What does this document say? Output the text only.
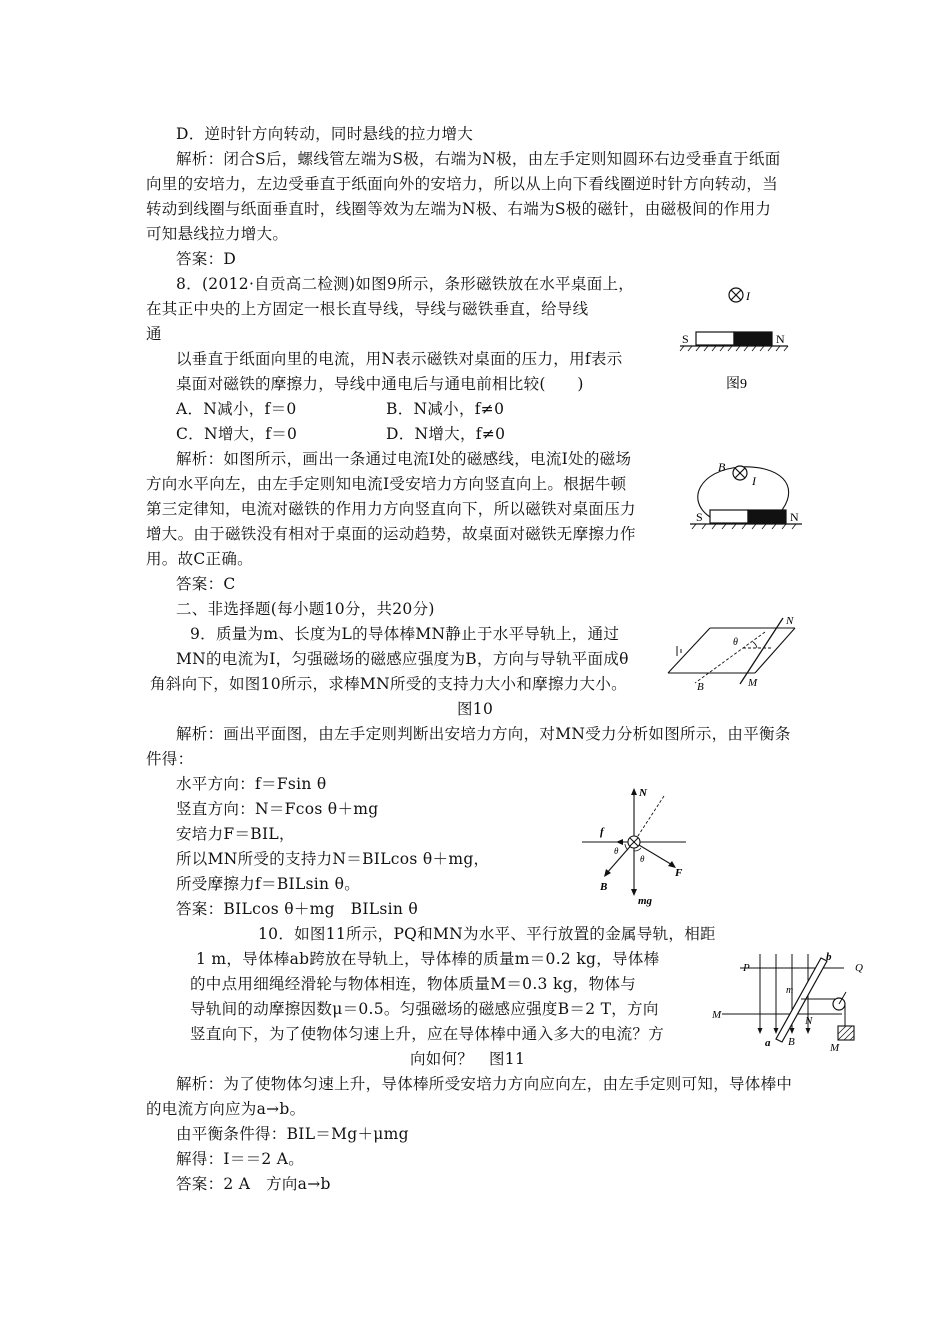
D．逆时针方向转动，同时悬线的拉力增大
解析：闭合S后，螺线管左端为S极，右端为N极，由左手定则知圆环右边受垂直于纸面
向里的安培力，左边受垂直于纸面向外的安培力，所以从上向下看线圈逆时针方向转动，当
转动到线圈与纸面垂直时，线圈等效为左端为N极、右端为S极的磁针，由磁极间的作用力
可知悬线拉力增大。
答案：D
8．(2012·自贡高二检测)如图9所示，条形磁铁放在水平桌面上，
在其正中央的上方固定一根长直导线，导线与磁铁垂直，给导线
通
以垂直于纸面向里的电流，用N表示磁铁对桌面的压力，用f表示
桌面对磁铁的摩擦力，导线中通电后与通电前相比较(　　)
A．N减小，f＝0	B．N减小，f≠0
C．N增大，f＝0	D．N增大，f≠0
解析：如图所示，画出一条通过电流I处的磁感线，电流I处的磁场
方向水平向左，由左手定则知电流I受安培力方向竖直向上。根据牛顿
第三定律知，电流对磁铁的作用力方向竖直向下，所以磁铁对桌面压力
增大。由于磁铁没有相对于桌面的运动趋势，故桌面对磁铁无摩擦力作
用。故C正确。
答案：C
二、非选择题(每小题10分，共20分)
9．质量为m、长度为L的导体棒MN静止于水平导轨上，通过
MN的电流为I，匀强磁场的磁感应强度为B，方向与导轨平面成θ
角斜向下，如图10所示，求棒MN所受的支持力大小和摩擦力大小。
图10
解析：画出平面图，由左手定则判断出安培力方向，对MN受力分析如图所示，由平衡条
件得：
水平方向：f＝Fsin θ
竖直方向：N＝Fcos θ＋mg
安培力F＝BIL，
所以MN所受的支持力N＝BILcos θ＋mg，
所受摩擦力f＝BILsin θ。
答案：BILcos θ＋mg　BILsin θ
10．如图11所示，PQ和MN为水平、平行放置的金属导轨，相距
1 m，导体棒ab跨放在导轨上，导体棒的质量m＝0.2 kg，导体棒
的中点用细绳经滑轮与物体相连，物体质量M＝0.3 kg，物体与
导轨间的动摩擦因数μ＝0.5。匀强磁场的磁感应强度B＝2 T，方向
竖直向下，为了使物体匀速上升，应在导体棒中通入多大的电流？方
向如何？　图11
解析：为了使物体匀速上升，导体棒所受安培力方向应向左，由左手定则可知，导体棒中
的电流方向应为a→b。
由平衡条件得：BIL＝Mg＋μmg
解得：I＝＝2 A。
答案：2 A　方向a→b
I
S	N
图9
B
I
S	N
θ
N
M
B
N
f
F
B
mg
θ
θ
P	Q
M	N
b
a B
m
M
